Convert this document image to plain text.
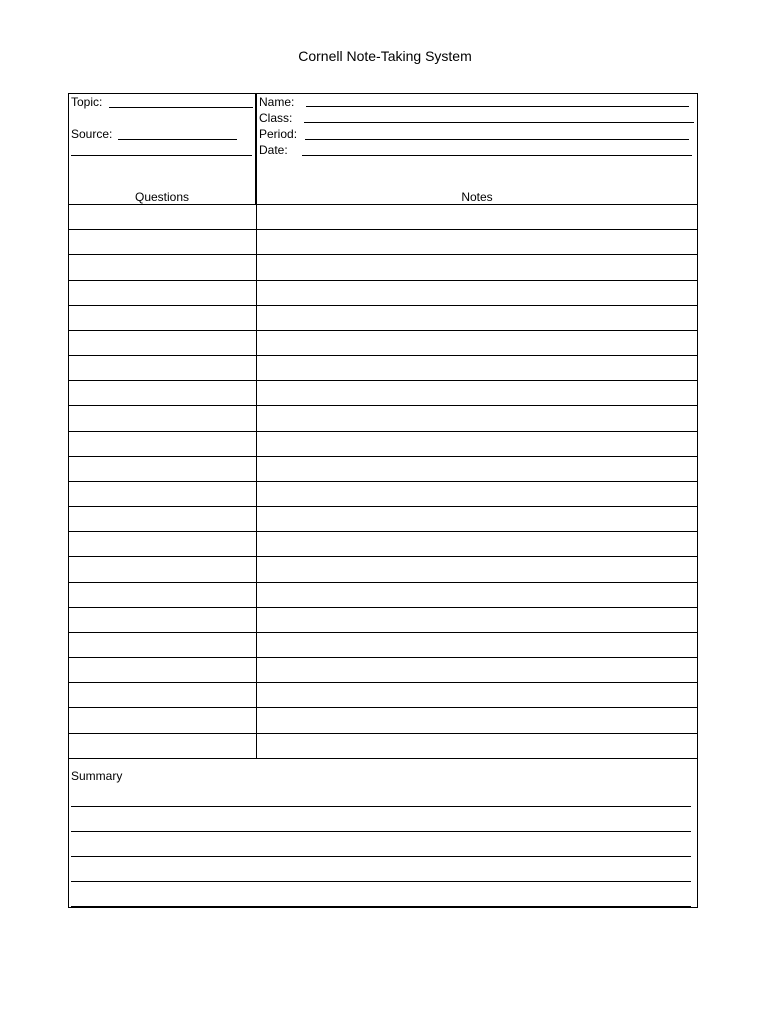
Cornell Note-Taking System
Topic:
Source:
Name:
Class:
Period:
Date:
Questions	Notes
Summary
